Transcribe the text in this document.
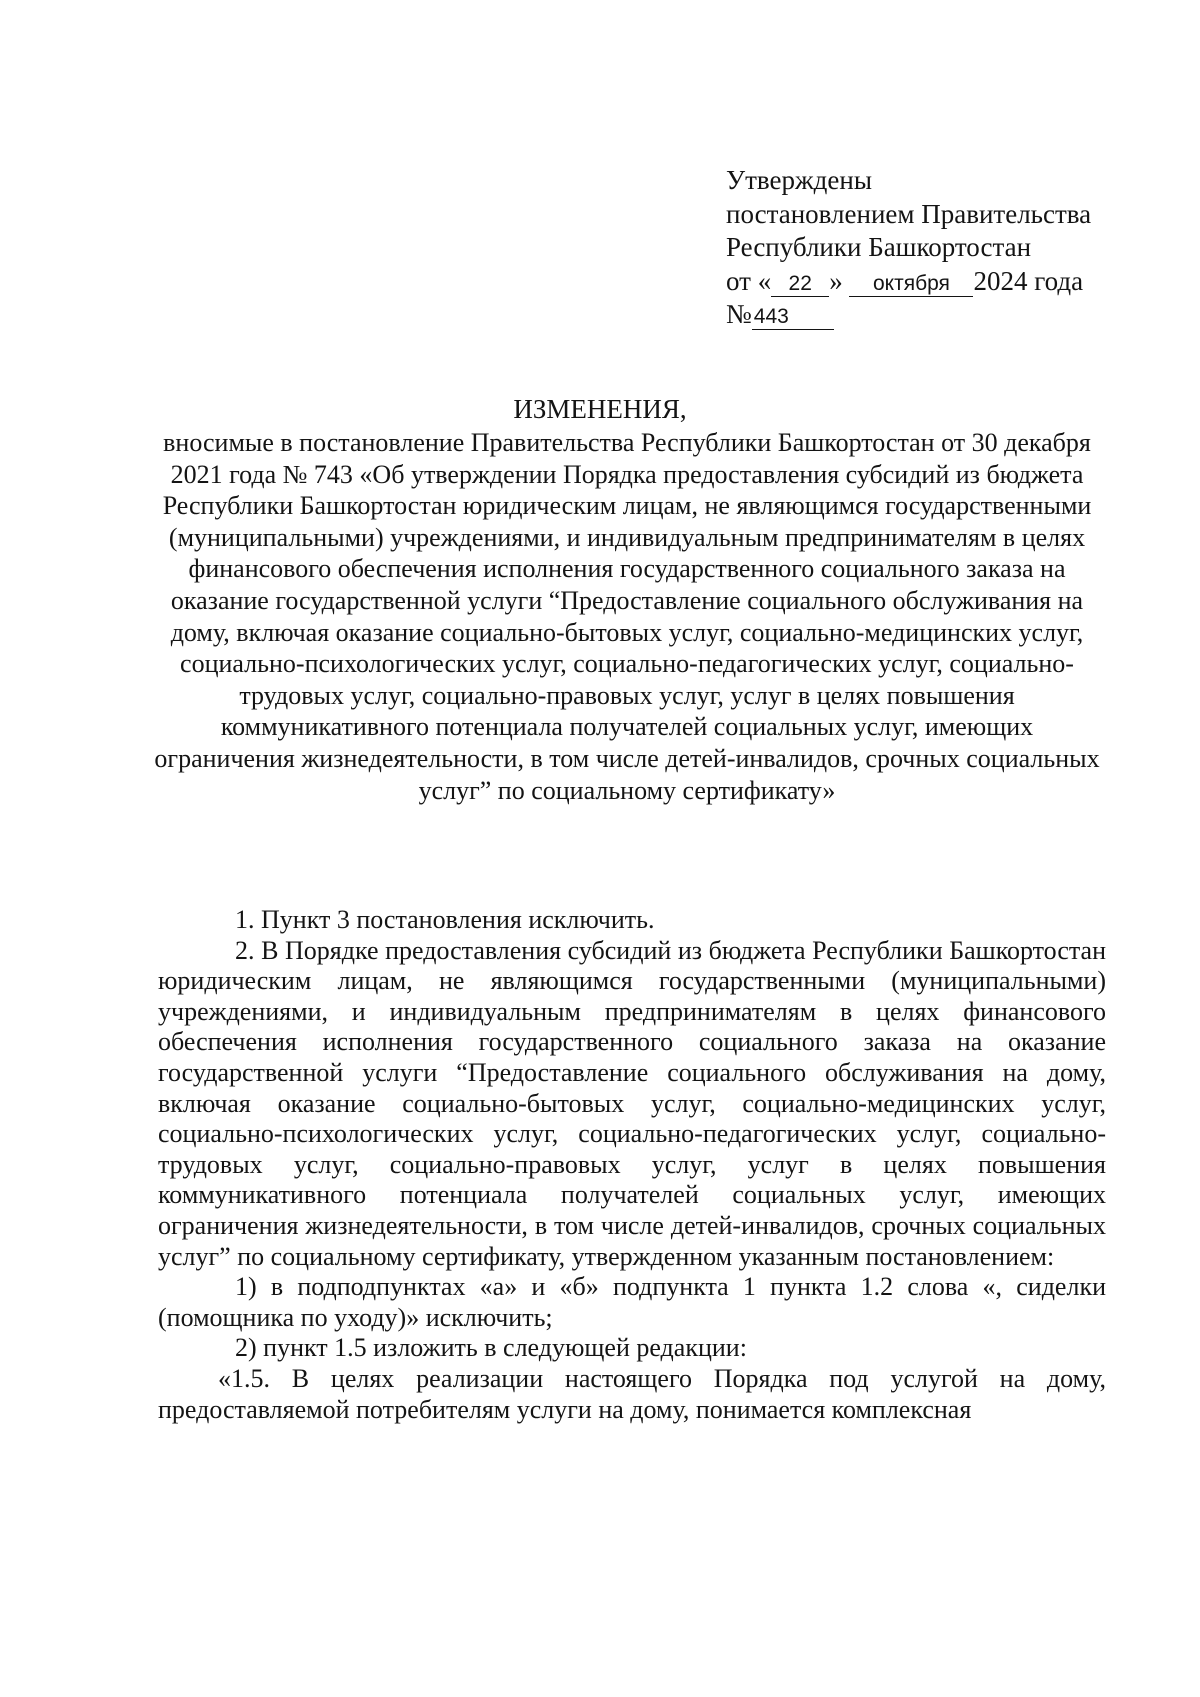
Утверждены
постановлением Правительства
Республики Башкортостан
от « 22 » октября 2024 года
№443
ИЗМЕНЕНИЯ,
вносимые в постановление Правительства Республики Башкортостан от 30 декабря 2021 года № 743 «Об утверждении Порядка предоставления субсидий из бюджета Республики Башкортостан юридическим лицам, не являющимся государственными (муниципальными) учреждениями, и индивидуальным предпринимателям в целях финансового обеспечения исполнения государственного социального заказа на оказание государственной услуги “Предоставление социального обслуживания на дому, включая оказание социально-бытовых услуг, социально-медицинских услуг, социально-психологических услуг, социально-педагогических услуг, социально-трудовых услуг, социально-правовых услуг, услуг в целях повышения коммуникативного потенциала получателей социальных услуг, имеющих ограничения жизнедеятельности, в том числе детей-инвалидов, срочных социальных услуг” по социальному сертификату»

1. Пункт 3 постановления исключить.

2. В Порядке предоставления субсидий из бюджета Республики Башкортостан юридическим лицам, не являющимся государственными (муниципальными) учреждениями, и индивидуальным предпринимателям в целях финансового обеспечения исполнения государственного социального заказа на оказание государственной услуги “Предоставление социального обслуживания на дому, включая оказание социально-бытовых услуг, социально-медицинских услуг, социально-психологических услуг, социально-педагогических услуг, социально-трудовых услуг, социально-правовых услуг, услуг в целях повышения коммуникативного потенциала получателей социальных услуг, имеющих ограничения жизнедеятельности, в том числе детей-инвалидов, срочных социальных услуг” по социальному сертификату, утвержденном указанным постановлением:

1) в подподпунктах «а» и «б» подпункта 1 пункта 1.2 слова «, сиделки (помощника по уходу)» исключить;

2) пункт 1.5 изложить в следующей редакции:

«1.5. В целях реализации настоящего Порядка под услугой на дому, предоставляемой потребителям услуги на дому, понимается комплексная
